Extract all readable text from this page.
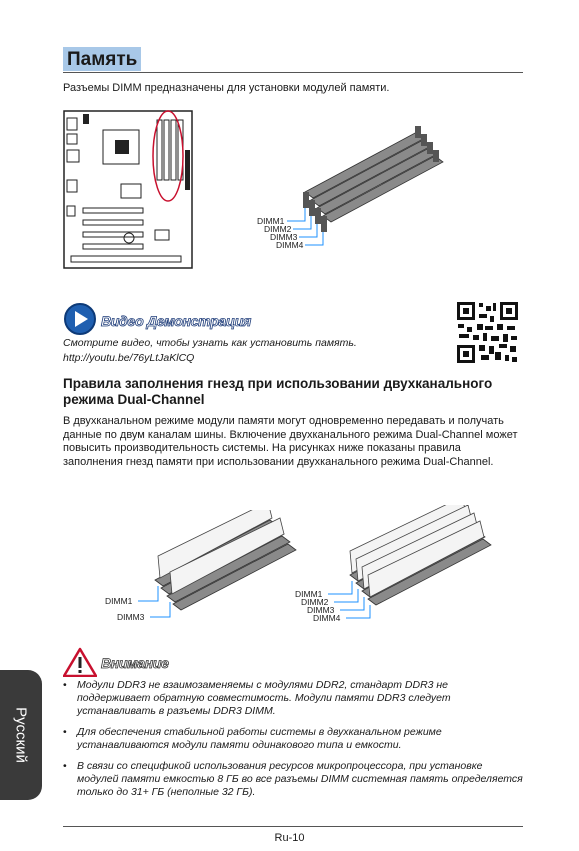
Память
Разъемы DIMM предназначены для установки модулей памяти.
DIMM1
DIMM2
DIMM3
DIMM4
Видео Демонстрация
Смотрите видео, чтобы узнать как установить память.
http://youtu.be/76yLtJaKlCQ
Правила заполнения гнезд при использовании двухканального режима Dual-Channel
В двухканальном режиме модули памяти могут одновременно передавать и получать данные по двум каналам шины. Включение двухканального режима Dual-Channel может повысить производительность системы. На рисунках ниже показаны правила заполнения гнезд памяти при использовании двухканального режима Dual-Channel.
DIMM1
DIMM3
DIMM1
DIMM2
DIMM3
DIMM4
Внимание
• Модули DDR3 не взаимозаменяемы с модулями DDR2, стандарт DDR3 не поддерживает обратную совместимость. Модули памяти DDR3 следует устанавливать в разъемы DDR3 DIMM.
• Для обеспечения стабильной работы системы в двухканальном режиме устанавливаются модули памяти одинакового типа и емкости.
• В связи со спецификой использования ресурсов микропроцессора, при установке модулей памяти емкостью 8 ГБ во все разъемы DIMM системная память определяется только до 31+ ГБ (неполные 32 ГБ).
Русский
Ru-10
